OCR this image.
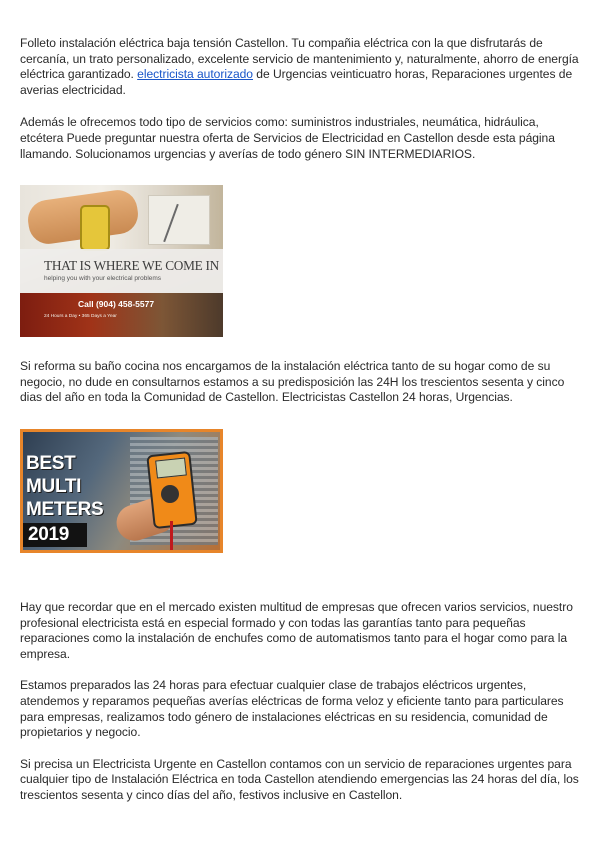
Folleto instalación eléctrica baja tensión Castellon. Tu compañia eléctrica con la que disfrutarás de cercanía, un trato personalizado, excelente servicio de mantenimiento y, naturalmente, ahorro de energía eléctrica garantizado. electricista autorizado de Urgencias veinticuatro horas, Reparaciones urgentes de averias electricidad.

Además le ofrecemos todo tipo de servicios como: suministros industriales, neumática, hidráulica, etcétera Puede preguntar nuestra oferta de Servicios de Electricidad en Castellon desde esta página llamando. Solucionamos urgencias y averías de todo género SIN INTERMEDIARIOS.

THAT IS WHERE WE COME IN
helping you with your electrical problems
Call (904) 458-5577
24 Hours a Day • 365 Days a Year

Si reforma su baño cocina nos encargamos de la instalación eléctrica tanto de su hogar como de su negocio, no dude en consultarnos estamos a su predisposición las 24H los trescientos sesenta y cinco dias del año en toda la Comunidad de Castellon. Electricistas Castellon 24 horas, Urgencias.

BEST
MULTI
METERS
2019

Hay que recordar que en el mercado existen multitud de empresas que ofrecen varios servicios, nuestro profesional electricista está en especial formado y con todas las garantías tanto para pequeñas reparaciones como la instalación de enchufes como de automatismos tanto para el hogar como para la empresa.

Estamos preparados las 24 horas para efectuar cualquier clase de trabajos eléctricos urgentes, atendemos y reparamos pequeñas averías eléctricas de forma veloz y eficiente tanto para particulares para empresas, realizamos todo género de instalaciones eléctricas en su residencia, comunidad de propietarios y negocio.

Si precisa un Electricista Urgente en Castellon contamos con un servicio de reparaciones urgentes para cualquier tipo de Instalación Eléctrica en toda Castellon atendiendo emergencias las 24 horas del día, los trescientos sesenta y cinco días del año, festivos inclusive en Castellon.
